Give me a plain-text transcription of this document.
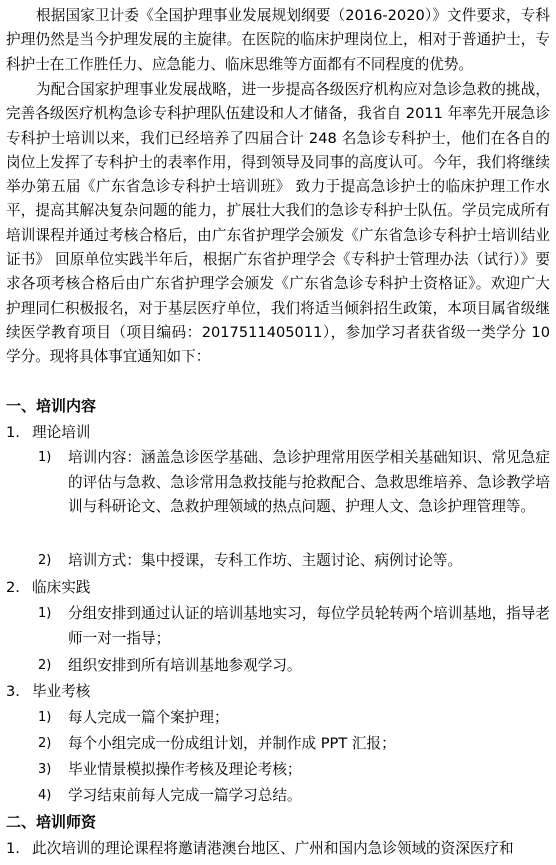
根据国家卫计委《全国护理事业发展规划纲要（2016-2020）》文件要求，专科护理仍然是当今护理发展的主旋律。在医院的临床护理岗位上，相对于普通护士，专科护士在工作胜任力、应急能力、临床思维等方面都有不同程度的优势。

为配合国家护理事业发展战略，进一步提高各级医疗机构应对急诊急救的挑战，完善各级医疗机构急诊专科护理队伍建设和人才储备，我省自 2011 年率先开展急诊专科护士培训以来，我们已经培养了四届合计 248 名急诊专科护士，他们在各自的岗位上发挥了专科护士的表率作用，得到领导及同事的高度认可。今年，我们将继续举办第五届《广东省急诊专科护士培训班》 致力于提高急诊护士的临床护理工作水平，提高其解决复杂问题的能力，扩展壮大我们的急诊专科护士队伍。学员完成所有培训课程并通过考核合格后，由广东省护理学会颁发《广东省急诊专科护士培训结业证书》 回原单位实践半年后，根据广东省护理学会《专科护士管理办法（试行）》要求各项考核合格后由广东省护理学会颁发《广东省急诊专科护士资格证》。欢迎广大护理同仁积极报名，对于基层医疗单位，我们将适当倾斜招生政策，本项目属省级继续医学教育项目（项目编码：2017511405011），参加学习者获省级一类学分 10 学分。现将具体事宜通知如下：

一、培训内容

1. 理论培训

1)	培训内容：涵盖急诊医学基础、急诊护理常用医学相关基础知识、常见急症的评估与急救、急诊常用急救技能与抢救配合、急救思维培养、急诊教学培训与科研论文、急救护理领域的热点问题、护理人文、急诊护理管理等。
2)	培训方式：集中授课，专科工作坊、主题讨论、病例讨论等。

2. 临床实践

1)	分组安排到通过认证的培训基地实习，每位学员轮转两个培训基地，指导老师一对一指导；
2)	组织安排到所有培训基地参观学习。

3. 毕业考核

1)	每人完成一篇个案护理；
2)	每个小组完成一份成组计划，并制作成 PPT 汇报；
3)	毕业情景模拟操作考核及理论考核；
4)	学习结束前每人完成一篇学习总结。

二、培训师资

1. 此次培训的理论课程将邀请港澳台地区、广州和国内急诊领域的资深医疗和
